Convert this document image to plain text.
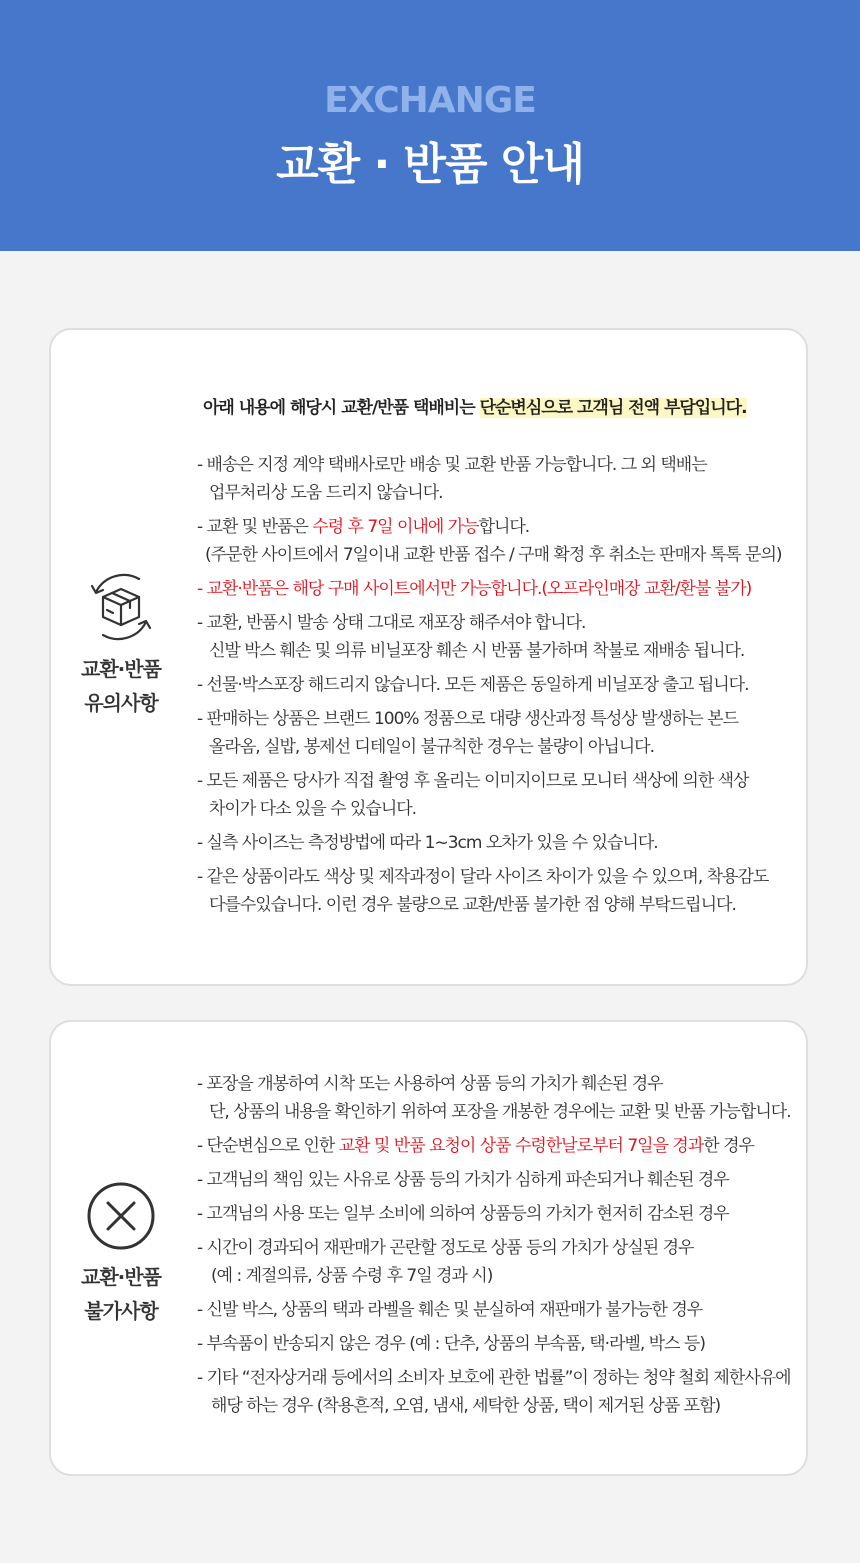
EXCHANGE
교환 · 반품 안내
교환·반품
유의사항
아래 내용에 해당시 교환/반품 택배비는 단순변심으로 고객님 전액 부담입니다.
- 배송은 지정 계약 택배사로만 배송 및 교환 반품 가능합니다. 그 외 택배는
업무처리상 도움 드리지 않습니다.
- 교환 및 반품은 수령 후 7일 이내에 가능합니다.
(주문한 사이트에서 7일이내 교환 반품 접수 / 구매 확정 후 취소는 판매자 톡톡 문의)
- 교환·반품은 해당 구매 사이트에서만 가능합니다.(오프라인매장 교환/환불 불가)
- 교환, 반품시 발송 상태 그대로 재포장 해주셔야 합니다.
신발 박스 훼손 및 의류 비닐포장 훼손 시 반품 불가하며 착불로 재배송 됩니다.
- 선물·박스포장 해드리지 않습니다. 모든 제품은 동일하게 비닐포장 출고 됩니다.
- 판매하는 상품은 브랜드 100% 정품으로 대량 생산과정 특성상 발생하는 본드
올라옴, 실밥, 봉제선 디테일이 불규칙한 경우는 불량이 아닙니다.
- 모든 제품은 당사가 직접 촬영 후 올리는 이미지이므로 모니터 색상에 의한 색상
차이가 다소 있을 수 있습니다.
- 실측 사이즈는 측정방법에 따라 1~3cm 오차가 있을 수 있습니다.
- 같은 상품이라도 색상 및 제작과정이 달라 사이즈 차이가 있을 수 있으며, 착용감도
다를수있습니다. 이런 경우 불량으로 교환/반품 불가한 점 양해 부탁드립니다.
교환·반품
불가사항
- 포장을 개봉하여 시착 또는 사용하여 상품 등의 가치가 훼손된 경우
단, 상품의 내용을 확인하기 위하여 포장을 개봉한 경우에는 교환 및 반품 가능합니다.
- 단순변심으로 인한 교환 및 반품 요청이 상품 수령한날로부터 7일을 경과한 경우
- 고객님의 책임 있는 사유로 상품 등의 가치가 심하게 파손되거나 훼손된 경우
- 고객님의 사용 또는 일부 소비에 의하여 상품등의 가치가 현저히 감소된 경우
- 시간이 경과되어 재판매가 곤란할 정도로 상품 등의 가치가 상실된 경우
(예 : 계절의류, 상품 수령 후 7일 경과 시)
- 신발 박스, 상품의 택과 라벨을 훼손 및 분실하여 재판매가 불가능한 경우
- 부속품이 반송되지 않은 경우 (예 : 단추, 상품의 부속품, 택·라벨, 박스 등)
- 기타 “전자상거래 등에서의 소비자 보호에 관한 법률”이 정하는 청약 철회 제한사유에
해당 하는 경우 (착용흔적, 오염, 냄새, 세탁한 상품, 택이 제거된 상품 포함)
